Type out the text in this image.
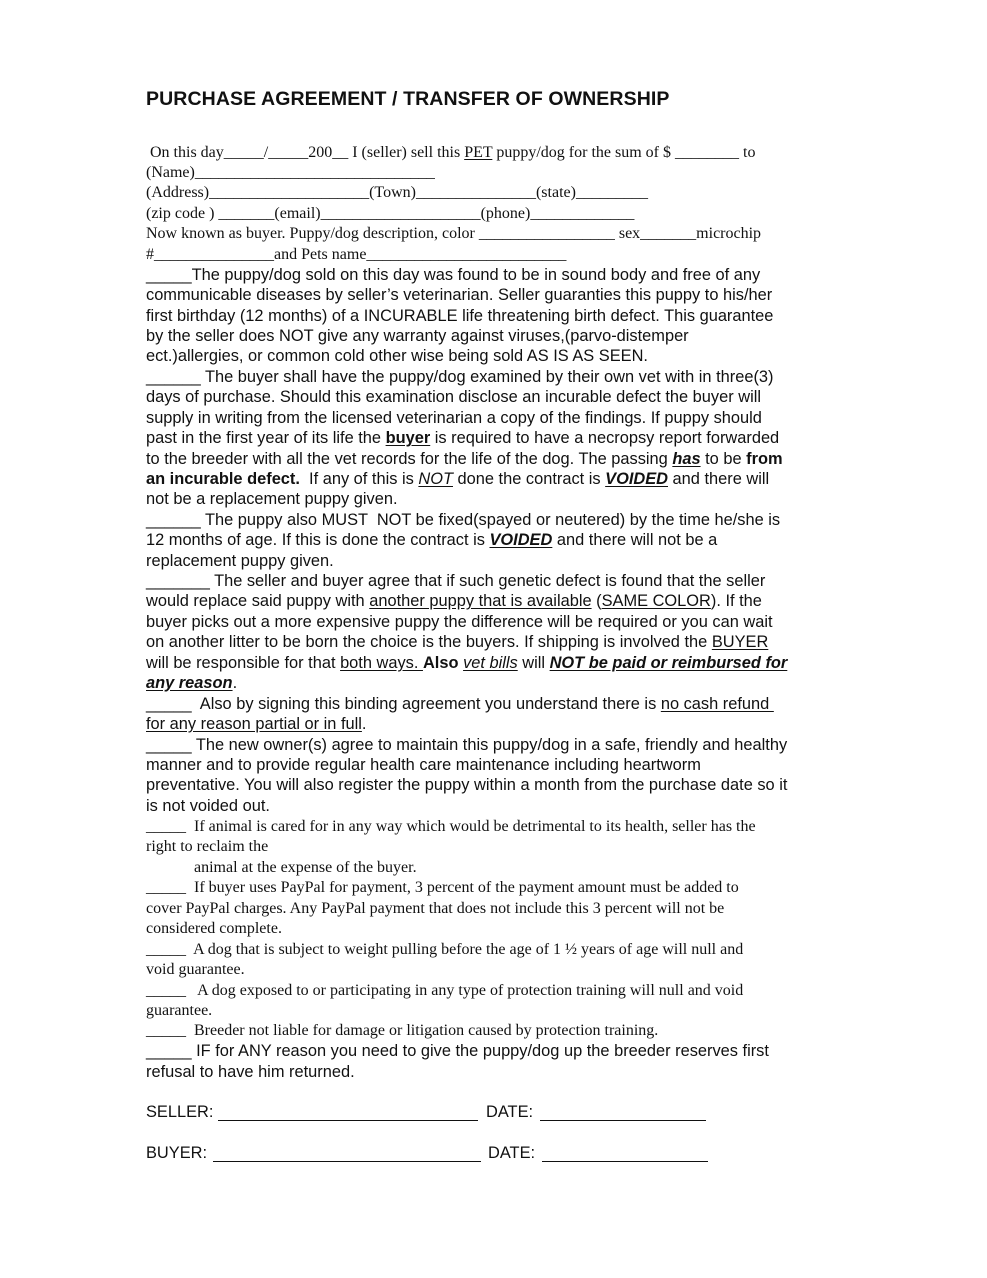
PURCHASE AGREEMENT / TRANSFER OF OWNERSHIP
On this day_____/_____200__ I (seller) sell this PET puppy/dog for the sum of $ ________ to
(Name)______________________________
(Address)____________________(Town)_______________(state)_________
(zip code ) _______(email)____________________(phone)_____________
Now known as buyer. Puppy/dog description, color _________________ sex_______microchip
#_______________and Pets name_________________________
_____The puppy/dog sold on this day was found to be in sound body and free of any
communicable diseases by seller’s veterinarian. Seller guaranties this puppy to his/her
first birthday (12 months) of a INCURABLE life threatening birth defect. This guarantee
by the seller does NOT give any warranty against viruses,(parvo-distemper
ect.)allergies, or common cold other wise being sold AS IS AS SEEN.
______ The buyer shall have the puppy/dog examined by their own vet with in three(3)
days of purchase. Should this examination disclose an incurable defect the buyer will
supply in writing from the licensed veterinarian a copy of the findings. If puppy should
past in the first year of its life the buyer is required to have a necropsy report forwarded
to the breeder with all the vet records for the life of the dog. The passing has to be from
an incurable defect.  If any of this is NOT done the contract is VOIDED and there will
not be a replacement puppy given.
______ The puppy also MUST  NOT be fixed(spayed or neutered) by the time he/she is
12 months of age. If this is done the contract is VOIDED and there will not be a
replacement puppy given.
_______ The seller and buyer agree that if such genetic defect is found that the seller
would replace said puppy with another puppy that is available (SAME COLOR). If the
buyer picks out a more expensive puppy the difference will be required or you can wait
on another litter to be born the choice is the buyers. If shipping is involved the BUYER
will be responsible for that both ways. Also vet bills will NOT be paid or reimbursed for
any reason.
_____  Also by signing this binding agreement you understand there is no cash refund
for any reason partial or in full.
_____ The new owner(s) agree to maintain this puppy/dog in a safe, friendly and healthy
manner and to provide regular health care maintenance including heartworm
preventative. You will also register the puppy within a month from the purchase date so it
is not voided out.
_____  If animal is cared for in any way which would be detrimental to its health, seller has the
right to reclaim the
animal at the expense of the buyer.
_____  If buyer uses PayPal for payment, 3 percent of the payment amount must be added to
cover PayPal charges. Any PayPal payment that does not include this 3 percent will not be
considered complete.
_____  A dog that is subject to weight pulling before the age of 1 ½ years of age will null and
void guarantee.
_____   A dog exposed to or participating in any type of protection training will null and void
guarantee.
_____  Breeder not liable for damage or litigation caused by protection training.
_____ IF for ANY reason you need to give the puppy/dog up the breeder reserves first
refusal to have him returned.
SELLER:	DATE:
BUYER:	DATE:
